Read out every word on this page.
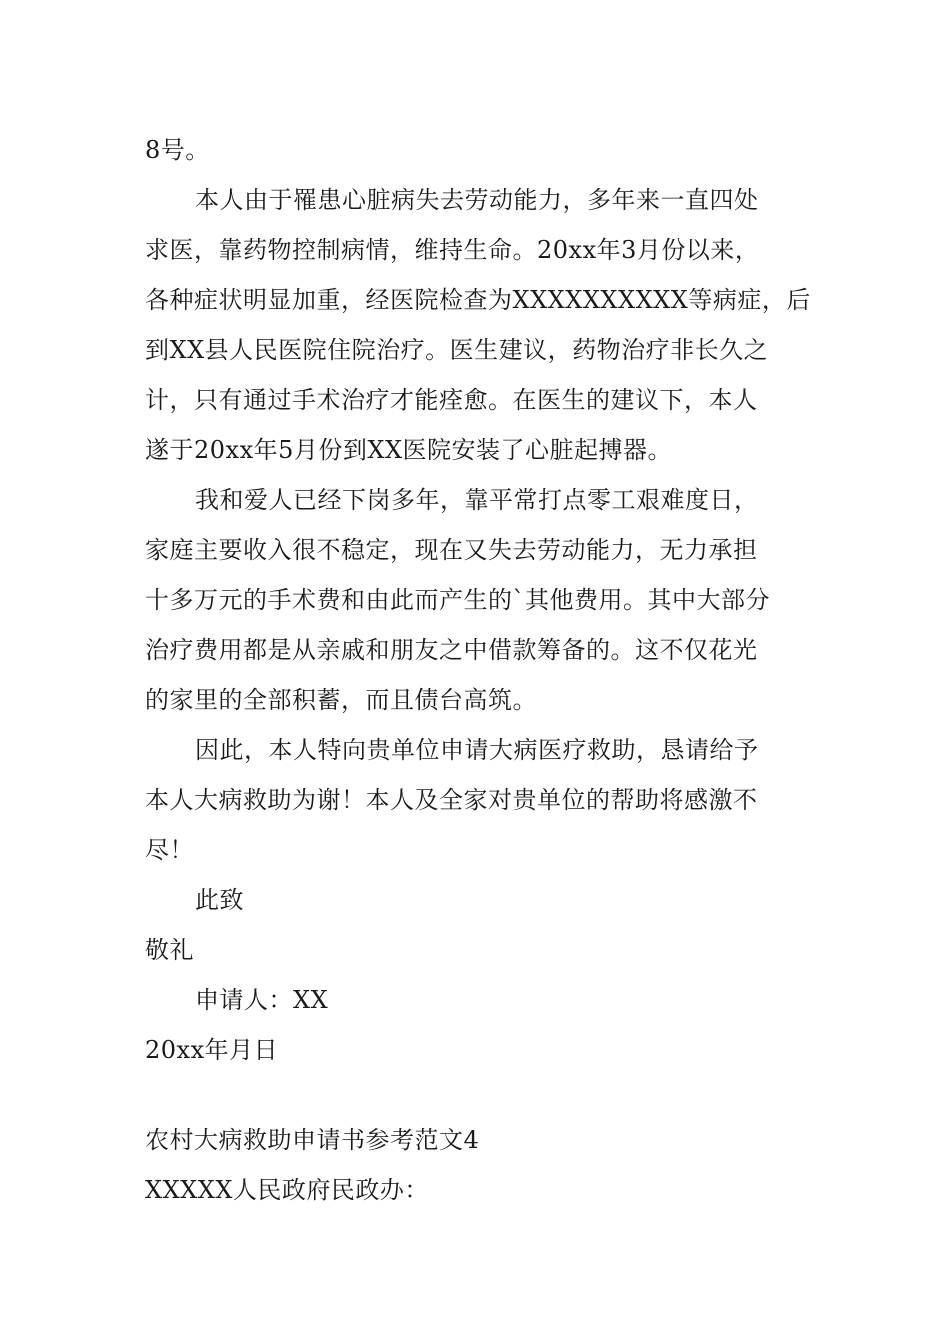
8号。
本人由于罹患心脏病失去劳动能力，多年来一直四处
求医，靠药物控制病情，维持生命。20xx年3月份以来，
各种症状明显加重，经医院检查为XXXXXXXXXX等病症，后
到XX县人民医院住院治疗。医生建议，药物治疗非长久之
计，只有通过手术治疗才能痊愈。在医生的建议下，本人
遂于20xx年5月份到XX医院安装了心脏起搏器。
我和爱人已经下岗多年，靠平常打点零工艰难度日，
家庭主要收入很不稳定，现在又失去劳动能力，无力承担
十多万元的手术费和由此而产生的`其他费用。其中大部分
治疗费用都是从亲戚和朋友之中借款筹备的。这不仅花光
的家里的全部积蓄，而且债台高筑。
因此，本人特向贵单位申请大病医疗救助，恳请给予
本人大病救助为谢！本人及全家对贵单位的帮助将感激不
尽！
此致
敬礼
申请人：XX
20xx年月日
农村大病救助申请书参考范文4
XXXXX人民政府民政办：
